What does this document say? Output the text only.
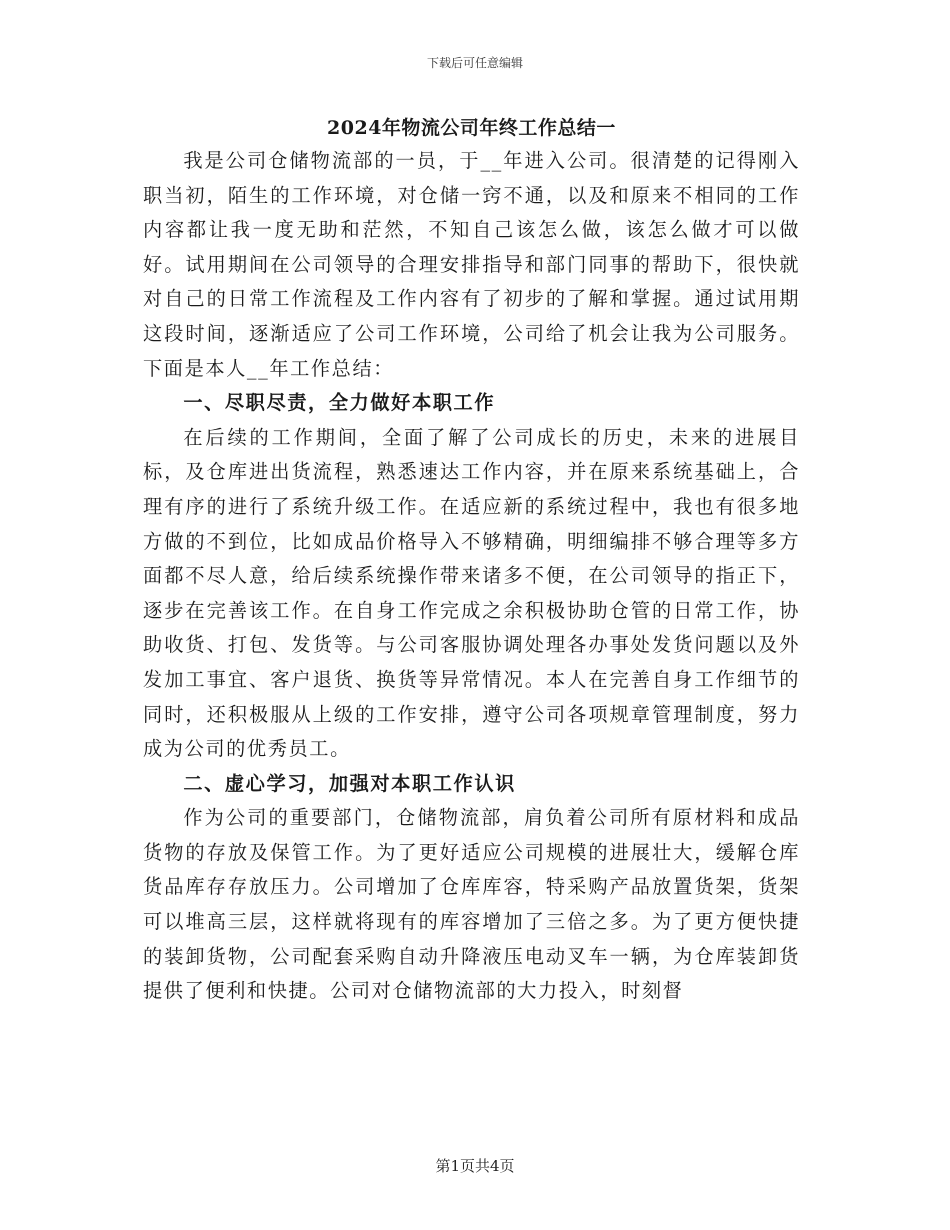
下载后可任意编辑
2024年物流公司年终工作总结一

我是公司仓储物流部的一员，于__年进入公司。很清楚的记得刚入职当初，陌生的工作环境，对仓储一窍不通，以及和原来不相同的工作内容都让我一度无助和茫然，不知自己该怎么做，该怎么做才可以做好。试用期间在公司领导的合理安排指导和部门同事的帮助下，很快就对自己的日常工作流程及工作内容有了初步的了解和掌握。通过试用期这段时间，逐渐适应了公司工作环境，公司给了机会让我为公司服务。下面是本人__年工作总结：

一、尽职尽责，全力做好本职工作

在后续的工作期间，全面了解了公司成长的历史，未来的进展目标，及仓库进出货流程，熟悉速达工作内容，并在原来系统基础上，合理有序的进行了系统升级工作。在适应新的系统过程中，我也有很多地方做的不到位，比如成品价格导入不够精确，明细编排不够合理等多方面都不尽人意，给后续系统操作带来诸多不便，在公司领导的指正下，逐步在完善该工作。在自身工作完成之余积极协助仓管的日常工作，协助收货、打包、发货等。与公司客服协调处理各办事处发货问题以及外发加工事宜、客户退货、换货等异常情况。本人在完善自身工作细节的同时，还积极服从上级的工作安排，遵守公司各项规章管理制度，努力成为公司的优秀员工。

二、虚心学习，加强对本职工作认识

作为公司的重要部门，仓储物流部，肩负着公司所有原材料和成品货物的存放及保管工作。为了更好适应公司规模的进展壮大，缓解仓库货品库存存放压力。公司增加了仓库库容，特采购产品放置货架，货架可以堆高三层，这样就将现有的库容增加了三倍之多。为了更方便快捷的装卸货物，公司配套采购自动升降液压电动叉车一辆，为仓库装卸货提供了便利和快捷。公司对仓储物流部的大力投入，时刻督

第1页共4页
